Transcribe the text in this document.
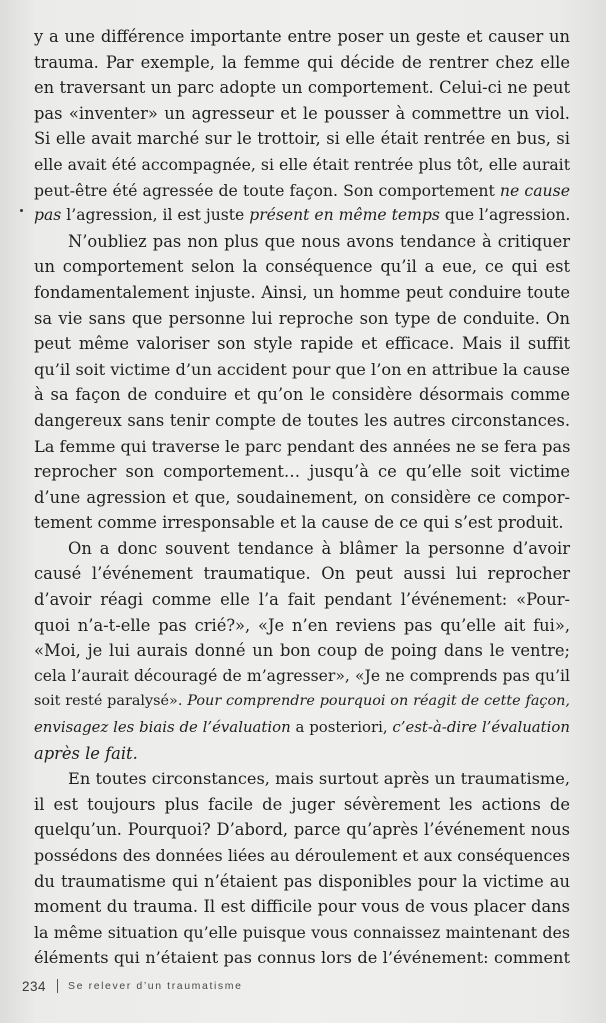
y a une différence importante entre poser un geste et causer un
trauma. Par exemple, la femme qui décide de rentrer chez elle
en traversant un parc adopte un comportement. Celui-ci ne peut
pas «inventer» un agresseur et le pousser à commettre un viol.
Si elle avait marché sur le trottoir, si elle était rentrée en bus, si
elle avait été accompagnée, si elle était rentrée plus tôt, elle aurait
peut-être été agressée de toute façon. Son comportement ne cause
pas l’agression, il est juste présent en même temps que l’agression.
N’oubliez pas non plus que nous avons tendance à critiquer
un comportement selon la conséquence qu’il a eue, ce qui est
fondamentalement injuste. Ainsi, un homme peut conduire toute
sa vie sans que personne lui reproche son type de conduite. On
peut même valoriser son style rapide et efficace. Mais il suffit
qu’il soit victime d’un accident pour que l’on en attribue la cause
à sa façon de conduire et qu’on le considère désormais comme
dangereux sans tenir compte de toutes les autres circonstances.
La femme qui traverse le parc pendant des années ne se fera pas
reprocher son comportement… jusqu’à ce qu’elle soit victime
d’une agression et que, soudainement, on considère ce compor-
tement comme irresponsable et la cause de ce qui s’est produit.
On a donc souvent tendance à blâmer la personne d’avoir
causé l’événement traumatique. On peut aussi lui reprocher
d’avoir réagi comme elle l’a fait pendant l’événement: «Pour-
quoi n’a-t-elle pas crié?», «Je n’en reviens pas qu’elle ait fui»,
«Moi, je lui aurais donné un bon coup de poing dans le ventre;
cela l’aurait découragé de m’agresser», «Je ne comprends pas qu’il
soit resté paralysé». Pour comprendre pourquoi on réagit de cette façon,
envisagez les biais de l’évaluation a posteriori, c’est-à-dire l’évaluation
après le fait.
En toutes circonstances, mais surtout après un traumatisme,
il est toujours plus facile de juger sévèrement les actions de
quelqu’un. Pourquoi? D’abord, parce qu’après l’événement nous
possédons des données liées au déroulement et aux conséquences
du traumatisme qui n’étaient pas disponibles pour la victime au
moment du trauma. Il est difficile pour vous de vous placer dans
la même situation qu’elle puisque vous connaissez maintenant des
éléments qui n’étaient pas connus lors de l’événement: comment
234 Se relever d’un traumatisme
